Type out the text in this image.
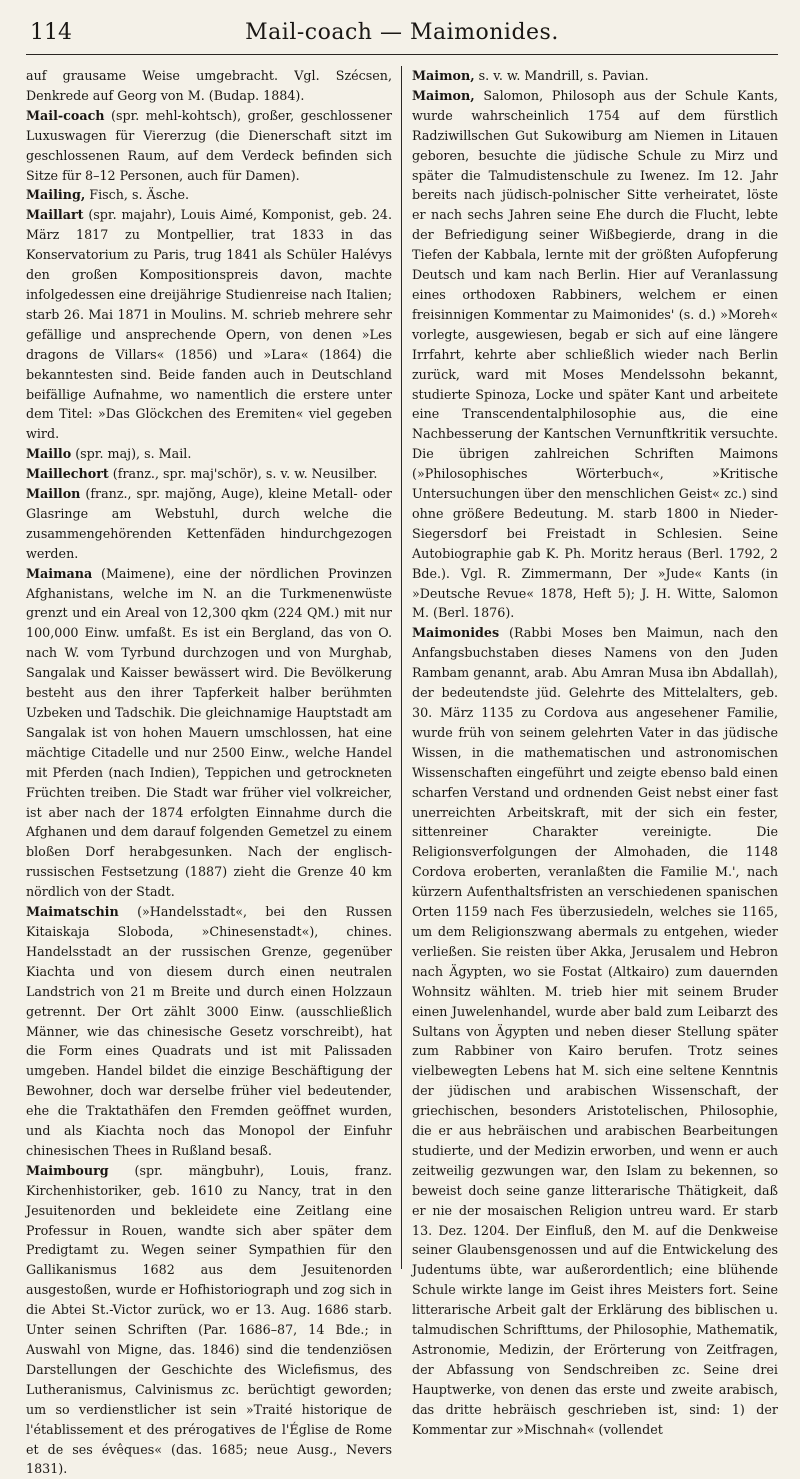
114	Mail-coach — Maimonides.

auf grausame Weise umgebracht. Vgl. Szécsen, Denkrede auf Georg von M. (Budap. 1884).

Mail-coach (spr. mehl-kohtsch), großer, geschlossener Luxuswagen für Viererzug (die Dienerschaft sitzt im geschlossenen Raum, auf dem Verdeck befinden sich Sitze für 8–12 Personen, auch für Damen).

Mailing, Fisch, s. Äsche.

Maillart (spr. majahr), Louis Aimé, Komponist, geb. 24. März 1817 zu Montpellier, trat 1833 in das Konservatorium zu Paris, trug 1841 als Schüler Halévys den großen Kompositionspreis davon, machte infolgedessen eine dreijährige Studienreise nach Italien; starb 26. Mai 1871 in Moulins. M. schrieb mehrere sehr gefällige und ansprechende Opern, von denen »Les dragons de Villars« (1856) und »Lara« (1864) die bekanntesten sind. Beide fanden auch in Deutschland beifällige Aufnahme, wo namentlich die erstere unter dem Titel: »Das Glöckchen des Eremiten« viel gegeben wird.

Maillo (spr. maj), s. Mail.

Maillechort (franz., spr. maj'schör), s. v. w. Neusilber.

Maillon (franz., spr. majŏng, Auge), kleine Metall- oder Glasringe am Webstuhl, durch welche die zusammengehörenden Kettenfäden hindurchgezogen werden.

Maimana (Maimene), eine der nördlichen Provinzen Afghanistans, welche im N. an die Turkmenenwüste grenzt und ein Areal von 12,300 qkm (224 QM.) mit nur 100,000 Einw. umfaßt. Es ist ein Bergland, das von O. nach W. vom Tyrbund durchzogen und von Murghab, Sangalak und Kaisser bewässert wird. Die Bevölkerung besteht aus den ihrer Tapferkeit halber berühmten Uzbeken und Tadschik. Die gleichnamige Hauptstadt am Sangalak ist von hohen Mauern umschlossen, hat eine mächtige Citadelle und nur 2500 Einw., welche Handel mit Pferden (nach Indien), Teppichen und getrockneten Früchten treiben. Die Stadt war früher viel volkreicher, ist aber nach der 1874 erfolgten Einnahme durch die Afghanen und dem darauf folgenden Gemetzel zu einem bloßen Dorf herabgesunken. Nach der englisch-russischen Festsetzung (1887) zieht die Grenze 40 km nördlich von der Stadt.

Maimatschin (»Handelsstadt«, bei den Russen Kitaiskaja Sloboda, »Chinesenstadt«), chines. Handelsstadt an der russischen Grenze, gegenüber Kiachta und von diesem durch einen neutralen Landstrich von 21 m Breite und durch einen Holzzaun getrennt. Der Ort zählt 3000 Einw. (ausschließlich Männer, wie das chinesische Gesetz vorschreibt), hat die Form eines Quadrats und ist mit Palissaden umgeben. Handel bildet die einzige Beschäftigung der Bewohner, doch war derselbe früher viel bedeutender, ehe die Traktathäfen den Fremden geöffnet wurden, und als Kiachta noch das Monopol der Einfuhr chinesischen Thees in Rußland besaß.

Maimbourg (spr. mängbuhr), Louis, franz. Kirchenhistoriker, geb. 1610 zu Nancy, trat in den Jesuitenorden und bekleidete eine Zeitlang eine Professur in Rouen, wandte sich aber später dem Predigtamt zu. Wegen seiner Sympathien für den Gallikanismus 1682 aus dem Jesuitenorden ausgestoßen, wurde er Hofhistoriograph und zog sich in die Abtei St.-Victor zurück, wo er 13. Aug. 1686 starb. Unter seinen Schriften (Par. 1686–87, 14 Bde.; in Auswahl von Migne, das. 1846) sind die tendenziösen Darstellungen der Geschichte des Wiclefismus, des Lutheranismus, Calvinismus zc. berüchtigt geworden; um so verdienstlicher ist sein »Traité historique de l'établissement et des prérogatives de l'Église de Rome et de ses évêques« (das. 1685; neue Ausg., Nevers 1831).

Maimon, s. v. w. Mandrill, s. Pavian.

Maimon, Salomon, Philosoph aus der Schule Kants, wurde wahrscheinlich 1754 auf dem fürstlich Radziwillschen Gut Sukowiburg am Niemen in Litauen geboren, besuchte die jüdische Schule zu Mirz und später die Talmudistenschule zu Iwenez. Im 12. Jahr bereits nach jüdisch-polnischer Sitte verheiratet, löste er nach sechs Jahren seine Ehe durch die Flucht, lebte der Befriedigung seiner Wißbegierde, drang in die Tiefen der Kabbala, lernte mit der größten Aufopferung Deutsch und kam nach Berlin. Hier auf Veranlassung eines orthodoxen Rabbiners, welchem er einen freisinnigen Kommentar zu Maimonides' (s. d.) »Moreh« vorlegte, ausgewiesen, begab er sich auf eine längere Irrfahrt, kehrte aber schließlich wieder nach Berlin zurück, ward mit Moses Mendelssohn bekannt, studierte Spinoza, Locke und später Kant und arbeitete eine Transcendentalphilosophie aus, die eine Nachbesserung der Kantschen Vernunftkritik versuchte. Die übrigen zahlreichen Schriften Maimons (»Philosophisches Wörterbuch«, »Kritische Untersuchungen über den menschlichen Geist« zc.) sind ohne größere Bedeutung. M. starb 1800 in Nieder-Siegersdorf bei Freistadt in Schlesien. Seine Autobiographie gab K. Ph. Moritz heraus (Berl. 1792, 2 Bde.). Vgl. R. Zimmermann, Der »Jude« Kants (in »Deutsche Revue« 1878, Heft 5); J. H. Witte, Salomon M. (Berl. 1876).

Maimonides (Rabbi Moses ben Maimun, nach den Anfangsbuchstaben dieses Namens von den Juden Rambam genannt, arab. Abu Amran Musa ibn Abdallah), der bedeutendste jüd. Gelehrte des Mittelalters, geb. 30. März 1135 zu Cordova aus angesehener Familie, wurde früh von seinem gelehrten Vater in das jüdische Wissen, in die mathematischen und astronomischen Wissenschaften eingeführt und zeigte ebenso bald einen scharfen Verstand und ordnenden Geist nebst einer fast unerreichten Arbeitskraft, mit der sich ein fester, sittenreiner Charakter vereinigte. Die Religionsverfolgungen der Almohaden, die 1148 Cordova eroberten, veranlaßten die Familie M.', nach kürzern Aufenthaltsfristen an verschiedenen spanischen Orten 1159 nach Fes überzusiedeln, welches sie 1165, um dem Religionszwang abermals zu entgehen, wieder verließen. Sie reisten über Akka, Jerusalem und Hebron nach Ägypten, wo sie Fostat (Altkairo) zum dauernden Wohnsitz wählten. M. trieb hier mit seinem Bruder einen Juwelenhandel, wurde aber bald zum Leibarzt des Sultans von Ägypten und neben dieser Stellung später zum Rabbiner von Kairo berufen. Trotz seines vielbewegten Lebens hat M. sich eine seltene Kenntnis der jüdischen und arabischen Wissenschaft, der griechischen, besonders Aristotelischen, Philosophie, die er aus hebräischen und arabischen Bearbeitungen studierte, und der Medizin erworben, und wenn er auch zeitweilig gezwungen war, den Islam zu bekennen, so beweist doch seine ganze litterarische Thätigkeit, daß er nie der mosaischen Religion untreu ward. Er starb 13. Dez. 1204. Der Einfluß, den M. auf die Denkweise seiner Glaubensgenossen und auf die Entwickelung des Judentums übte, war außerordentlich; eine blühende Schule wirkte lange im Geist ihres Meisters fort. Seine litterarische Arbeit galt der Erklärung des biblischen u. talmudischen Schrifttums, der Philosophie, Mathematik, Astronomie, Medizin, der Erörterung von Zeitfragen, der Abfassung von Sendschreiben zc. Seine drei Hauptwerke, von denen das erste und zweite arabisch, das dritte hebräisch geschrieben ist, sind: 1) der Kommentar zur »Mischnah« (vollendet
